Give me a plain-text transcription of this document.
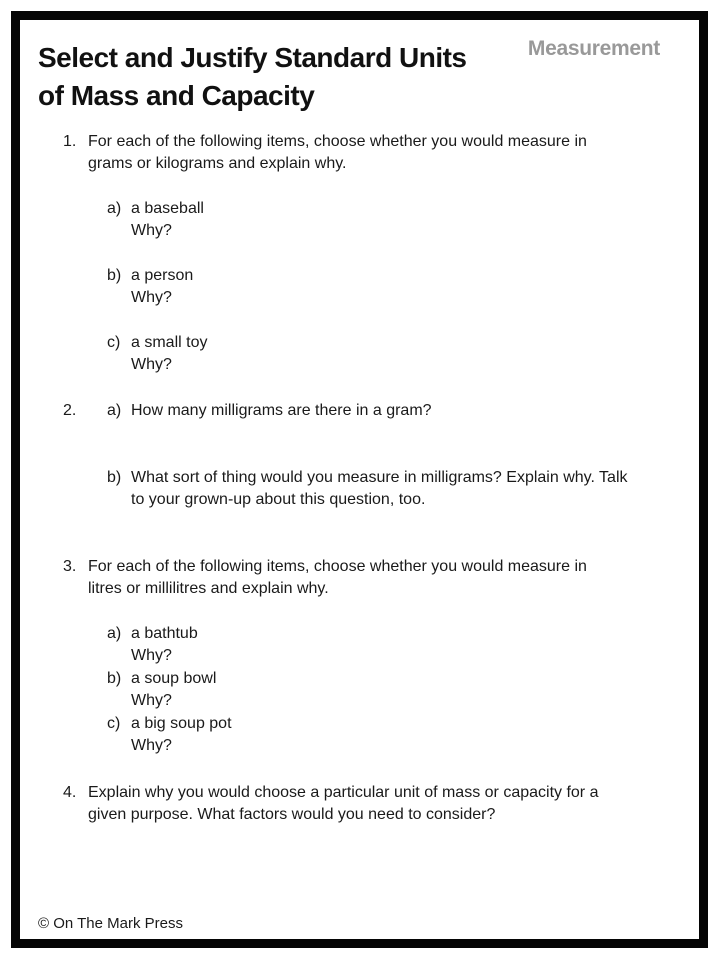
Select and Justify Standard Units
of Mass and Capacity
Measurement
1. For each of the following items, choose whether you would measure in
grams or kilograms and explain why.
a) a baseball
Why?
b) a person
Why?
c) a small toy
Why?
2.	a) How many milligrams are there in a gram?
b) What sort of thing would you measure in milligrams? Explain why. Talk
to your grown-up about this question, too.
3. For each of the following items, choose whether you would measure in
litres or millilitres and explain why.
a) a bathtub
Why?
b) a soup bowl
Why?
c) a big soup pot
Why?
4. Explain why you would choose a particular unit of mass or capacity for a
given purpose. What factors would you need to consider?
© On The Mark Press
